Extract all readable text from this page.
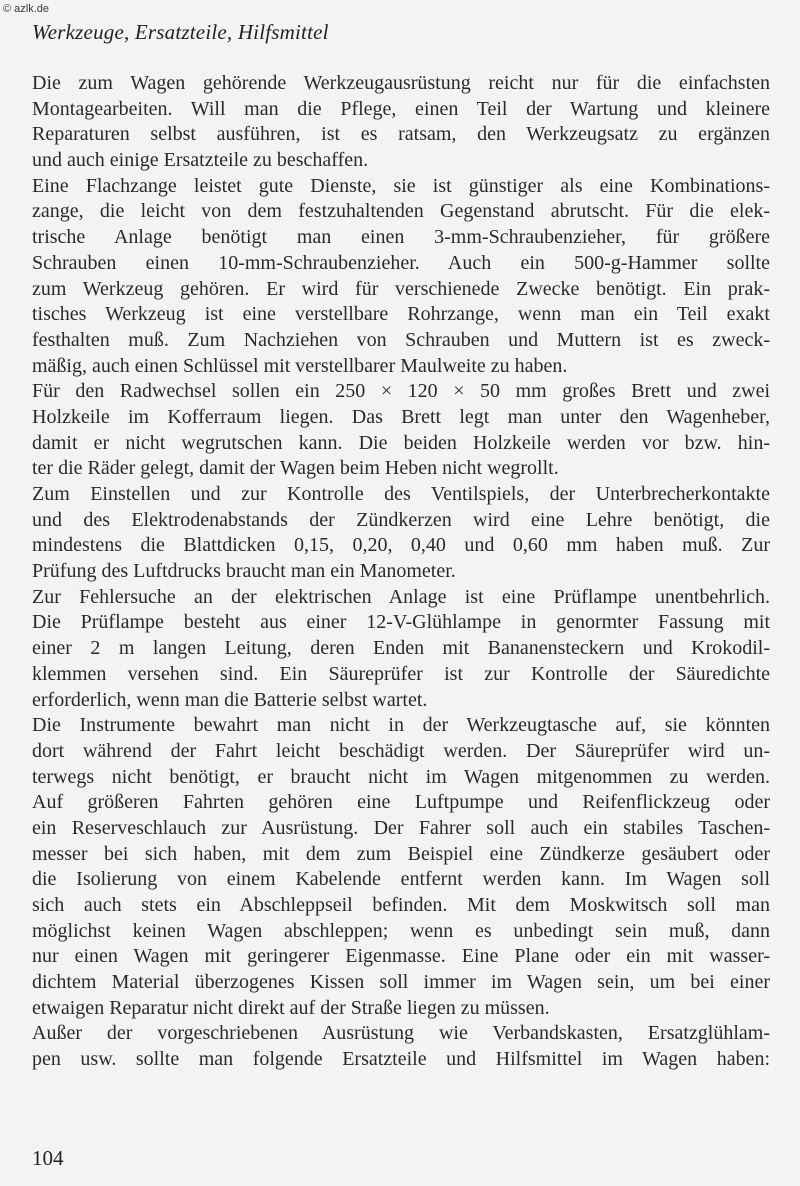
© azlk.de
Werkzeuge, Ersatzteile, Hilfsmittel
Die zum Wagen gehörende Werkzeugausrüstung reicht nur für die einfachsten
Montagearbeiten. Will man die Pflege, einen Teil der Wartung und kleinere
Reparaturen selbst ausführen, ist es ratsam, den Werkzeugsatz zu ergänzen
und auch einige Ersatzteile zu beschaffen.
Eine Flachzange leistet gute Dienste, sie ist günstiger als eine Kombinations-
zange, die leicht von dem festzuhaltenden Gegenstand abrutscht. Für die elek-
trische Anlage benötigt man einen 3-mm-Schraubenzieher, für größere
Schrauben einen 10-mm-Schraubenzieher. Auch ein 500-g-Hammer sollte
zum Werkzeug gehören. Er wird für verschienede Zwecke benötigt. Ein prak-
tisches Werkzeug ist eine verstellbare Rohrzange, wenn man ein Teil exakt
festhalten muß. Zum Nachziehen von Schrauben und Muttern ist es zweck-
mäßig, auch einen Schlüssel mit verstellbarer Maulweite zu haben.
Für den Radwechsel sollen ein 250 × 120 × 50 mm großes Brett und zwei
Holzkeile im Kofferraum liegen. Das Brett legt man unter den Wagenheber,
damit er nicht wegrutschen kann. Die beiden Holzkeile werden vor bzw. hin-
ter die Räder gelegt, damit der Wagen beim Heben nicht wegrollt.
Zum Einstellen und zur Kontrolle des Ventilspiels, der Unterbrecherkontakte
und des Elektrodenabstands der Zündkerzen wird eine Lehre benötigt, die
mindestens die Blattdicken 0,15, 0,20, 0,40 und 0,60 mm haben muß. Zur
Prüfung des Luftdrucks braucht man ein Manometer.
Zur Fehlersuche an der elektrischen Anlage ist eine Prüflampe unentbehrlich.
Die Prüflampe besteht aus einer 12-V-Glühlampe in genormter Fassung mit
einer 2 m langen Leitung, deren Enden mit Bananensteckern und Krokodil-
klemmen versehen sind. Ein Säureprüfer ist zur Kontrolle der Säuredichte
erforderlich, wenn man die Batterie selbst wartet.
Die Instrumente bewahrt man nicht in der Werkzeugtasche auf, sie könnten
dort während der Fahrt leicht beschädigt werden. Der Säureprüfer wird un-
terwegs nicht benötigt, er braucht nicht im Wagen mitgenommen zu werden.
Auf größeren Fahrten gehören eine Luftpumpe und Reifenflickzeug oder
ein Reserveschlauch zur Ausrüstung. Der Fahrer soll auch ein stabiles Taschen-
messer bei sich haben, mit dem zum Beispiel eine Zündkerze gesäubert oder
die Isolierung von einem Kabelende entfernt werden kann. Im Wagen soll
sich auch stets ein Abschleppseil befinden. Mit dem Moskwitsch soll man
möglichst keinen Wagen abschleppen; wenn es unbedingt sein muß, dann
nur einen Wagen mit geringerer Eigenmasse. Eine Plane oder ein mit wasser-
dichtem Material überzogenes Kissen soll immer im Wagen sein, um bei einer
etwaigen Reparatur nicht direkt auf der Straße liegen zu müssen.
Außer der vorgeschriebenen Ausrüstung wie Verbandskasten, Ersatzglühlam-
pen usw. sollte man folgende Ersatzteile und Hilfsmittel im Wagen haben:
104
